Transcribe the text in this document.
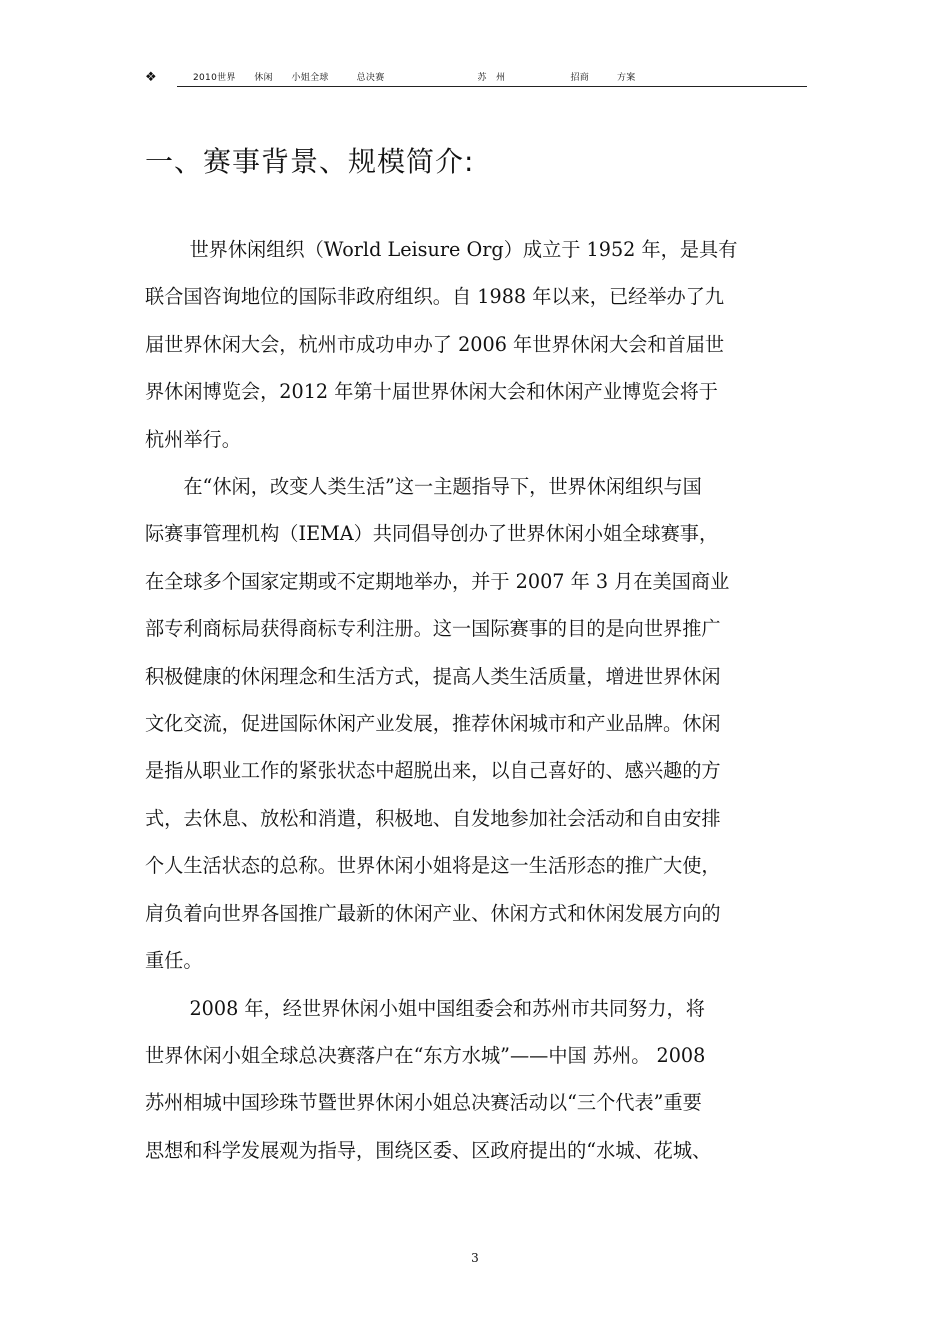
❖	2010世界　　休闲　　小姐全球　　　总决赛　　　　　　　　　　苏　州　　　　　　　招商　　　方案
一、赛事背景、规模简介:

　　 世界休闲组织（World Leisure Org）成立于 1952 年，是具有
联合国咨询地位的国际非政府组织。自 1988 年以来，已经举办了九
届世界休闲大会，杭州市成功申办了 2006 年世界休闲大会和首届世
界休闲博览会，2012 年第十届世界休闲大会和休闲产业博览会将于
杭州举行。

　　在“休闲，改变人类生活”这一主题指导下，世界休闲组织与国
际赛事管理机构（IEMA）共同倡导创办了世界休闲小姐全球赛事，
在全球多个国家定期或不定期地举办，并于 2007 年 3 月在美国商业
部专利商标局获得商标专利注册。这一国际赛事的目的是向世界推广
积极健康的休闲理念和生活方式，提高人类生活质量，增进世界休闲
文化交流，促进国际休闲产业发展，推荐休闲城市和产业品牌。休闲
是指从职业工作的紧张状态中超脱出来，以自己喜好的、感兴趣的方
式，去休息、放松和消遣，积极地、自发地参加社会活动和自由安排
个人生活状态的总称。世界休闲小姐将是这一生活形态的推广大使，
肩负着向世界各国推广最新的休闲产业、休闲方式和休闲发展方向的
重任。

　　 2008 年，经世界休闲小姐中国组委会和苏州市共同努力，将
世界休闲小姐全球总决赛落户在“东方水城”——中国 苏州。 2008
苏州相城中国珍珠节暨世界休闲小姐总决赛活动以“三个代表”重要
思想和科学发展观为指导，围绕区委、区政府提出的“水城、花城、

3
